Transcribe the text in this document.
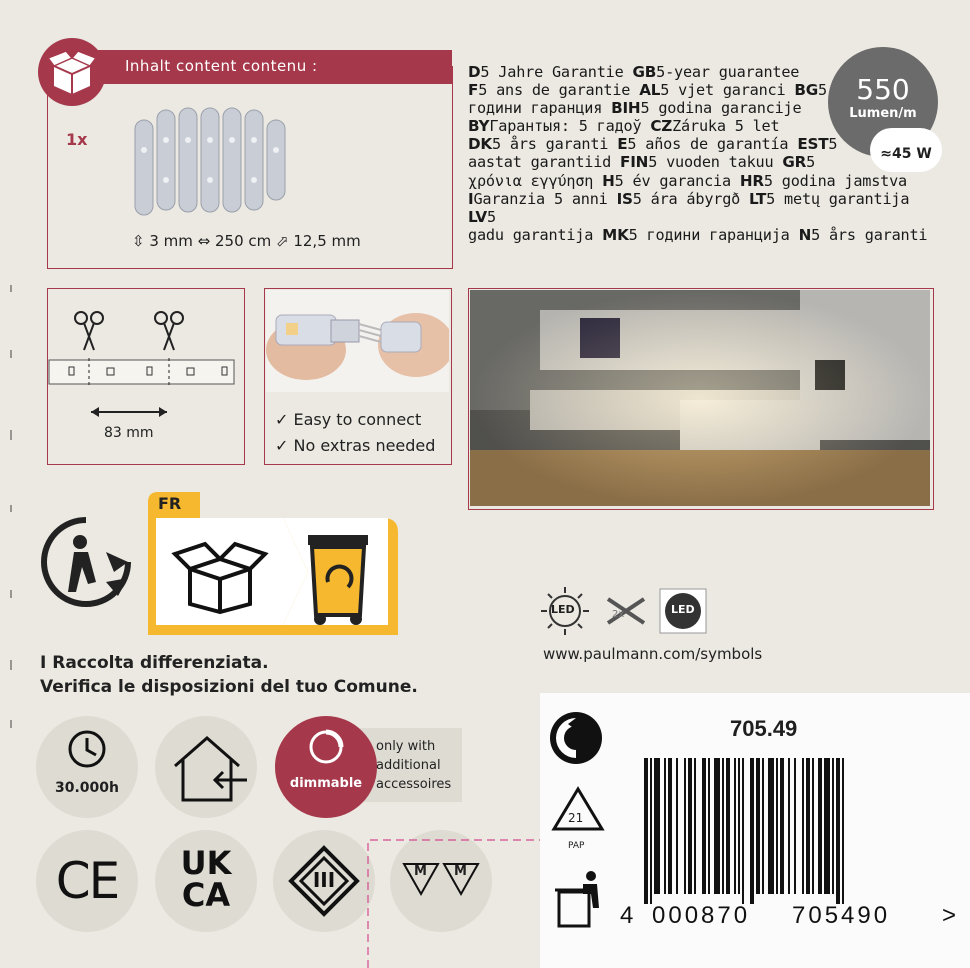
Inhalt content contenu :
1x
⇳ 3 mm ⇔ 250 cm ⬀ 12,5 mm
D5 Jahre Garantie GB5-year guarantee
F5 ans de garantie AL5 vjet garanci BG5
години гаранция BIH5 godina garancije
BYГарантыя: 5 гадоў CZZáruka 5 let
DK5 års garanti E5 años de garantía EST5
aastat garantiid FIN5 vuoden takuu GR5
χρόνια εγγύηση H5 év garancia HR5 godina jamstva
IGaranzia 5 anni IS5 ára ábyrgð LT5 metų garantija LV5
gadu garantija MK5 години гаранција N5 års garanti
550
Lumen/m
≈45 W
83 mm
✓ Easy to connect
✓ No extras needed
FR
I Raccolta differenziata.
Verifica le disposizioni del tuo Comune.
2x
LED	LED
www.paulmann.com/symbols
30.000h	dimmable
only with additional accessoires
CE	UK
CA	III	M M
21
PAP
705.49
4 000870 705490 >
